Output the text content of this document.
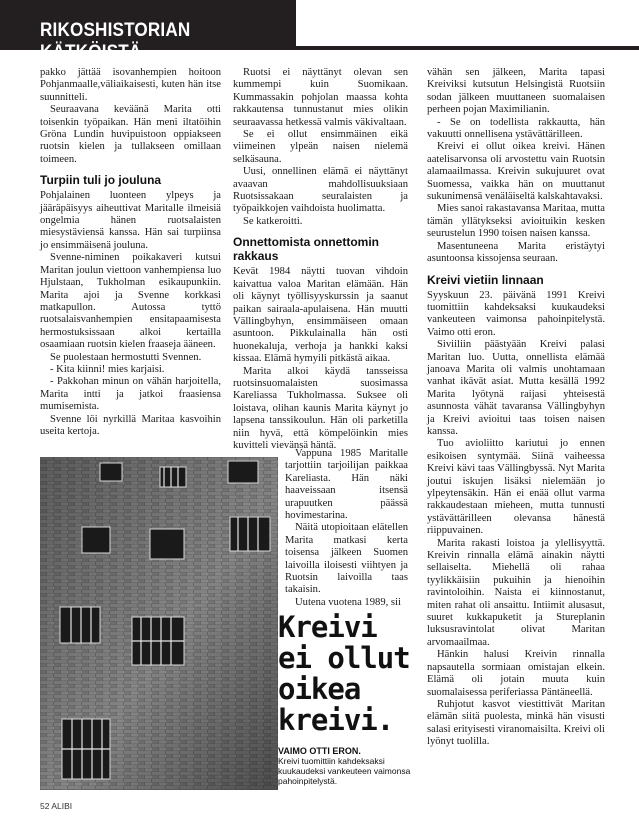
RIKOSHISTORIAN KÄTKÖISTÄ

pakko jättää isovanhempien hoitoon Pohjanmaalle,väliaikaisesti, kuten hän itse suunnitteli.

Seuraavana keväänä Marita otti toisenkin työpaikan. Hän meni iltatöihin Gröna Lundin huvipuistoon oppiakseen ruotsin kielen ja tullakseen omillaan toimeen.

Turpiin tuli jo jouluna

Pohjalainen luonteen ylpeys ja jääräpäisyys aiheuttivat Maritalle ilmeisiä ongelmia hänen ruotsalaisten miesystäviensä kanssa. Hän sai turpiinsa jo ensimmäisenä jouluna.

Svenne-niminen poikakaveri kutsui Maritan joulun viettoon vanhempiensa luo Hjulstaan, Tukholman esikaupunkiin. Marita ajoi ja Svenne korkkasi matkapullon. Autossa tyttö ruotsalaisvanhempien ensitapaamisesta hermostuksissaan alkoi kertailla osaamiaan ruotsin kielen fraaseja ääneen.

Se puolestaan hermostutti Svennen.

- Kita kiinni! mies karjaisi.

- Pakkohan minun on vähän harjoitella, Marita intti ja jatkoi fraasiensa mumisemista.

Svenne löi nyrkillä Maritaa kasvoihin useita kertoja.

Ruotsi ei näyttänyt olevan sen kummempi kuin Suomikaan. Kummassakin pohjolan maassa kohta rakkautensa tunnustanut mies olikin seuraavassa hetkessä valmis väkivaltaan.

Se ei ollut ensimmäinen eikä viimeinen ylpeän naisen nielemä selkäsauna.

Uusi, onnellinen elämä ei näyttänyt avaavan mahdollisuuksiaan Ruotsissakaan seuralaisten ja työpaikkojen vaihdoista huolimatta.

Se katkeroitti.

Onnettomista onnettomin rakkaus

Kevät 1984 näytti tuovan vihdoin kaivattua valoa Maritan elämään. Hän oli käynyt työllisyyskurssin ja saanut paikan sairaala-apulaisena. Hän muutti Vällingbyhyn, ensimmäiseen omaan asuntoon. Pikkulainalla hän osti huonekaluja, verhoja ja hankki kaksi kissaa. Elämä hymyili pitkästä aikaa.

Marita alkoi käydä tansseissa ruotsinsuomalaisten suosimassa Kareliassa Tukholmassa. Suksee oli loistava, olihan kaunis Marita käynyt jo lapsena tanssikoulun. Hän oli parketilla niin hyvä, että kömpelöinkin mies kuvitteli vievänsä häntä.

Vappuna 1985 Maritalle tarjottiin tarjoilijan paikkaa Kareliasta. Hän näki haaveissaan itsensä urapuutken päässä hovimestarina.

Näitä utopioitaan elätellen Marita matkasi kerta toisensa jälkeen Suomen laivoilla iloisesti viihtyen ja Ruotsin laivoilla taas takaisin.

Uutena vuotena 1989, sii

vähän sen jälkeen, Marita tapasi Kreiviksi kutsutun Helsingistä Ruotsiin sodan jälkeen muuttaneen suomalaisen perheen pojan Maximilianin.

- Se on todellista rakkautta, hän vakuutti onnellisena ystävättärilleen.

Kreivi ei ollut oikea kreivi. Hänen aatelisarvonsa oli arvostettu vain Ruotsin alamaailmassa. Kreivin sukujuuret ovat Suomessa, vaikka hän on muuttanut sukunimensä venäläiseltä kalskahtavaksi.

Mies sanoi rakastavansa Maritaa, mutta tämän yllätykseksi avioituikin kesken seurustelun 1990 toisen naisen kanssa.

Masentuneena Marita eristäytyi asuntoonsa kissojensa seuraan.

Kreivi vietiin linnaan

Syyskuun 23. päivänä 1991 Kreivi tuomittiin kahdeksaksi kuukaudeksi vankeuteen vaimonsa pahoinpitelystä. Vaimo otti eron.

Siviiliin päästyään Kreivi palasi Maritan luo. Uutta, onnellista elämää janoava Marita oli valmis unohtamaan vanhat ikävät asiat. Mutta kesällä 1992 Marita lyötynä raijasi yhteisestä asunnosta vähät tavaransa Vällingbyhyn ja Kreivi avioitui taas toisen naisen kanssa.

Tuo avioliitto kariutui jo ennen esikoisen syntymää. Siinä vaiheessa Kreivi kävi taas Vällingbyssä. Nyt Marita joutui iskujen lisäksi nielemään jo ylpeytensäkin. Hän ei enää ollut varma rakkaudestaan mieheen, mutta tunnusti ystävättärilleen olevansa hänestä riippuvainen.

Marita rakasti loistoa ja ylellisyyttä. Kreivin rinnalla elämä ainakin näytti sellaiselta. Miehellä oli rahaa tyylikkäisiin pukuihin ja hienoihin ravintoloihin. Naista ei kiinnostanut, miten rahat oli ansaittu. Intiimit alusasut, suuret kukkapuketit ja Stureplanin luksusravintolat olivat Maritan arvomaailmaa.

Hänkin halusi Kreivin rinnalla napsautella sormiaan omistajan elkein. Elämä oli jotain muuta kuin suomalaisessa periferiassa Päntäneellä.

Ruhjotut kasvot viestittivät Maritan elämän siitä puolesta, minkä hän visusti salasi erityisesti viranomaisilta. Kreivi oli lyönyt tuolilla.

Kreivi
ei ollut
oikea
kreivi.
VAIMO OTTI ERON.
Kreivi tuomittiin kahdeksaksi kuukaudeksi vankeuteen vaimonsa pahoinpitelystä.
52 ALIBI
